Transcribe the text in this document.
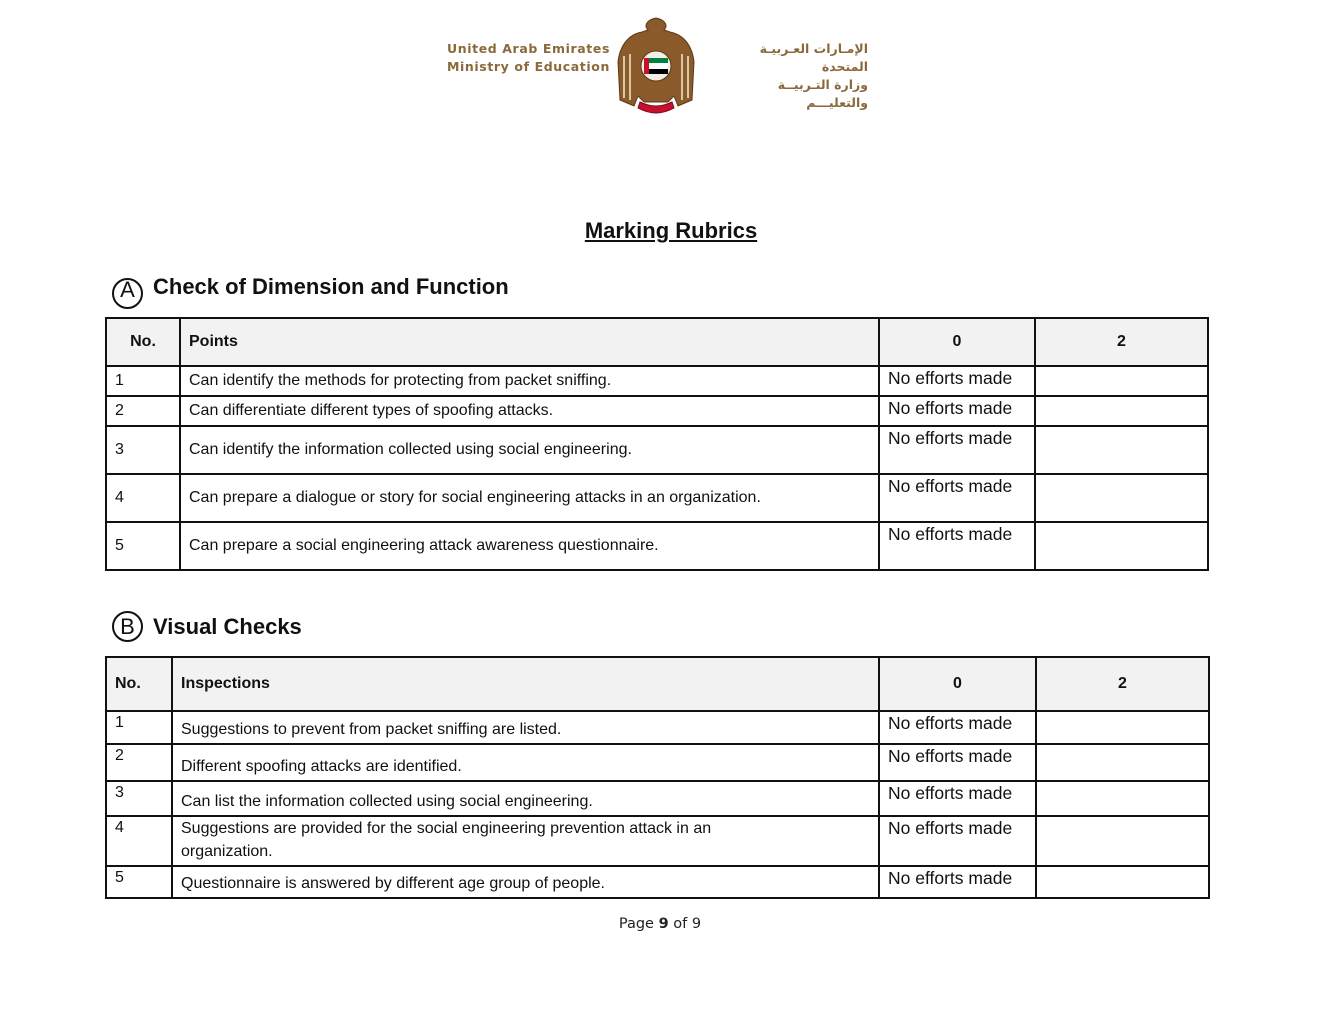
United Arab Emirates
Ministry of Education
الإمـارات العـربيـة المتحدة
وزارة التـربيــة والتعليـــم
Marking Rubrics
A Check of Dimension and Function
No.	Points	0	2
1	Can identify the methods for protecting from packet sniffing.	No efforts made	
2	Can differentiate different types of spoofing attacks.	No efforts made	
3	Can identify the information collected using social engineering.	No efforts made	
4	Can prepare a dialogue or story for social engineering attacks in an organization.	No efforts made	
5	Can prepare a social engineering attack awareness questionnaire.	No efforts made	
B Visual Checks
No.	Inspections	0	2
1	Suggestions to prevent from packet sniffing are listed.	No efforts made	
2	Different spoofing attacks are identified.	No efforts made	
3	Can list the information collected using social engineering.	No efforts made	
4	Suggestions are provided for the social engineering prevention attack in an organization.	No efforts made	
5	Questionnaire is answered by different age group of people.	No efforts made	
Page 9 of 9
